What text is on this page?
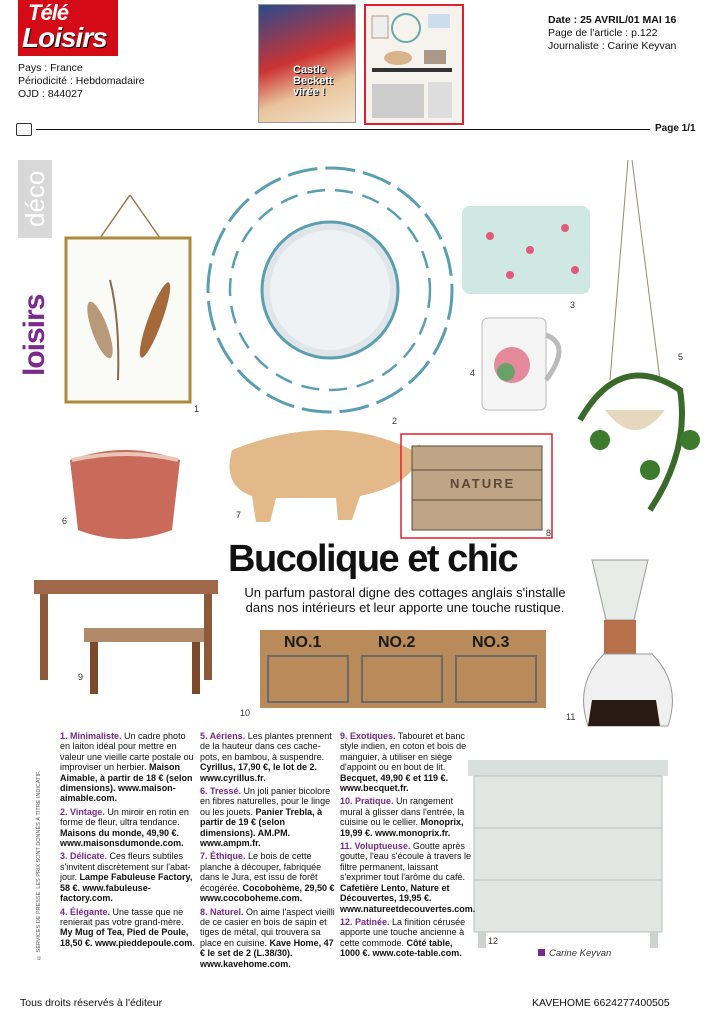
Télé
Loisirs
Pays : France
Périodicité : Hebdomadaire
OJD : 844027
Castle Beckett virée !
Date : 25 AVRIL/01 MAI 16
Page de l'article : p.122
Journaliste : Carine Keyvan
Page 1/1
déco
loisirs
NATURE
8
NO.1	NO.2	NO.3
1
2
3
4
5
6
7
9
10	11
12
Bucolique et chic
Un parfum pastoral digne des cottages anglais s'installe dans nos intérieurs et leur apporte une touche rustique.
© SERVICES DE PRESSE. LES PRIX SONT DONNÉS À TITRE INDICATIF.

1. Minimaliste. Un cadre photo en laiton idéal pour mettre en valeur une vieille carte postale ou improviser un herbier. Maison Aimable, à partir de 18 € (selon dimensions). www.maison-aimable.com.

2. Vintage. Un miroir en rotin en forme de fleur, ultra tendance. Maisons du monde, 49,90 €. www.maisonsdumonde.com.

3. Délicate. Ces fleurs subtiles s'invitent discrètement sur l'abat-jour. Lampe Fabuleuse Factory, 58 €. www.fabuleuse-factory.com.

4. Élégante. Une tasse que ne renierait pas votre grand-mère. My Mug of Tea, Pied de Poule, 18,50 €. www.pieddepoule.com.

5. Aériens. Les plantes prennent de la hauteur dans ces cache-pots, en bambou, à suspendre. Cyrillus, 17,90 €, le lot de 2. www.cyrillus.fr.

6. Tressé. Un joli panier bicolore en fibres naturelles, pour le linge ou les jouets. Panier Trebla, à partir de 19 € (selon dimensions). AM.PM. www.ampm.fr.

7. Éthique. Le bois de cette planche à découper, fabriquée dans le Jura, est issu de forêt écogérée. Cocobohème, 29,50 € www.cocoboheme.com.

8. Naturel. On aime l'aspect vieilli de ce casier en bois de sapin et tiges de métal, qui trouvera sa place en cuisine. Kave Home, 47 € le set de 2 (L.38/30). www.kavehome.com.

9. Exotiques. Tabouret et banc style indien, en coton et bois de manguier, à utiliser en siège d'appoint ou en bout de lit. Becquet, 49,90 € et 119 €. www.becquet.fr.

10. Pratique. Un rangement mural à glisser dans l'entrée, la cuisine ou le cellier. Monoprix, 19,99 €. www.monoprix.fr.

11. Voluptueuse. Goutte après goutte, l'eau s'écoule à travers le filtre permanent, laissant s'exprimer tout l'arôme du café. Cafetière Lento, Nature et Découvertes, 19,95 €. www.natureetdecouvertes.com.

12. Patinée. La finition cérusée apporte une touche ancienne à cette commode. Côté table, 1000 €. www.cote-table.com.	Carine Keyvan
Tous droits réservés à l'éditeur	KAVEHOME 6624277400505
